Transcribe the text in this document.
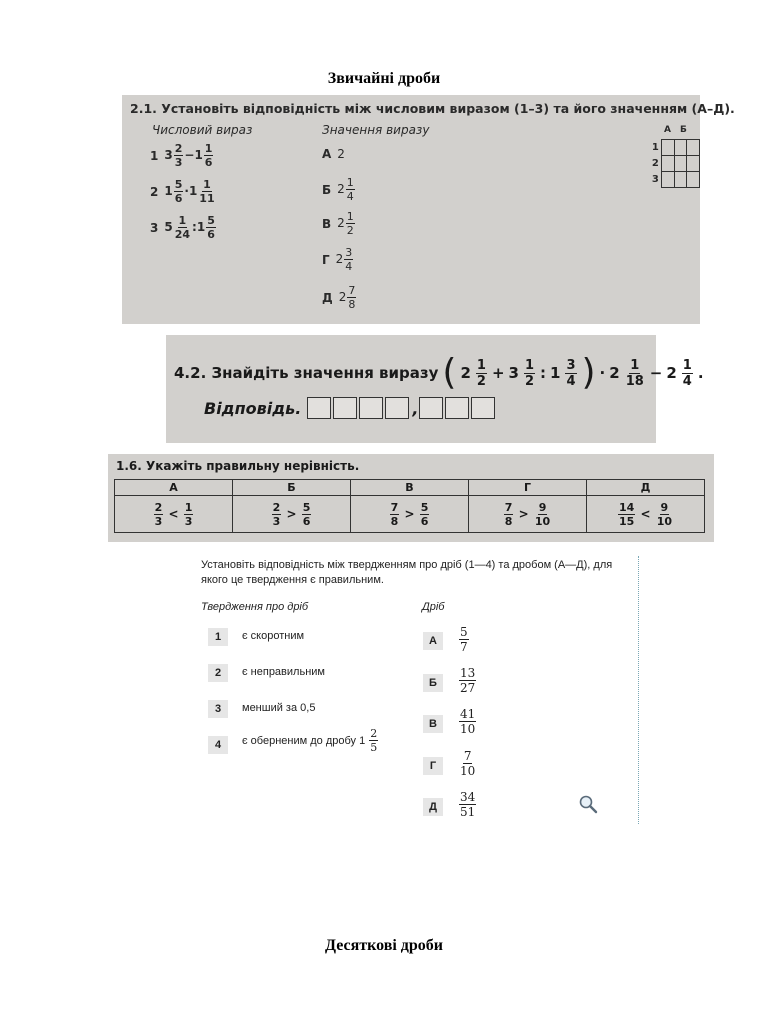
Звичайні дроби
2.1. Установіть відповідність між числовим виразом (1–3) та його значенням (А–Д).
Числовий вираз	Значення виразу
1 $3 \frac{2}{3} -1 \frac{1}{6}$
2 $1 \frac{5}{6} \cdot 1 \frac{1}{11}$
3 $5 \frac{1}{24}$ :1 $\frac{5}{6}$
А 2
Б $2 \frac{1}{4}$
В $2 \frac{1}{2}$
Г $2 \frac{3}{4}$
Д $2 \frac{7}{8}$
А Б
1			
2			
3			
4.2. Знайдіть значення виразу ( $2 \frac{1}{2} + 3 \frac{1}{2}$ : $1 \frac{3}{4}$ ) · $2 \frac{1}{18} - 2 \frac{1}{4}$ .
Відповідь.	,
1.6. Укажіть правильну нерівність.
А	Б	В	Г	Д

$\frac{2}{3} < \frac{1}{3}$	$\frac{2}{3} > \frac{5}{6}$	$\frac{7}{8} > \frac{5}{6}$	$\frac{7}{8} > \frac{9}{10}$	$\frac{14}{15} < \frac{9}{10}$
Установіть відповідність між твердженням про дріб (1—4) та дробом (А—Д), для якого це твердження є правильним.
Твердження про дріб	Дріб
1	є скоротним
2	є неправильним
3	менший за 0,5
4	є оберненим до дробу $1 \frac{2}{5}$
А	$\frac{5}{7}$
Б	$\frac{13}{27}$
В	$\frac{41}{10}$
Г	$\frac{7}{10}$
Д	$\frac{34}{51}$
Десяткові дроби
